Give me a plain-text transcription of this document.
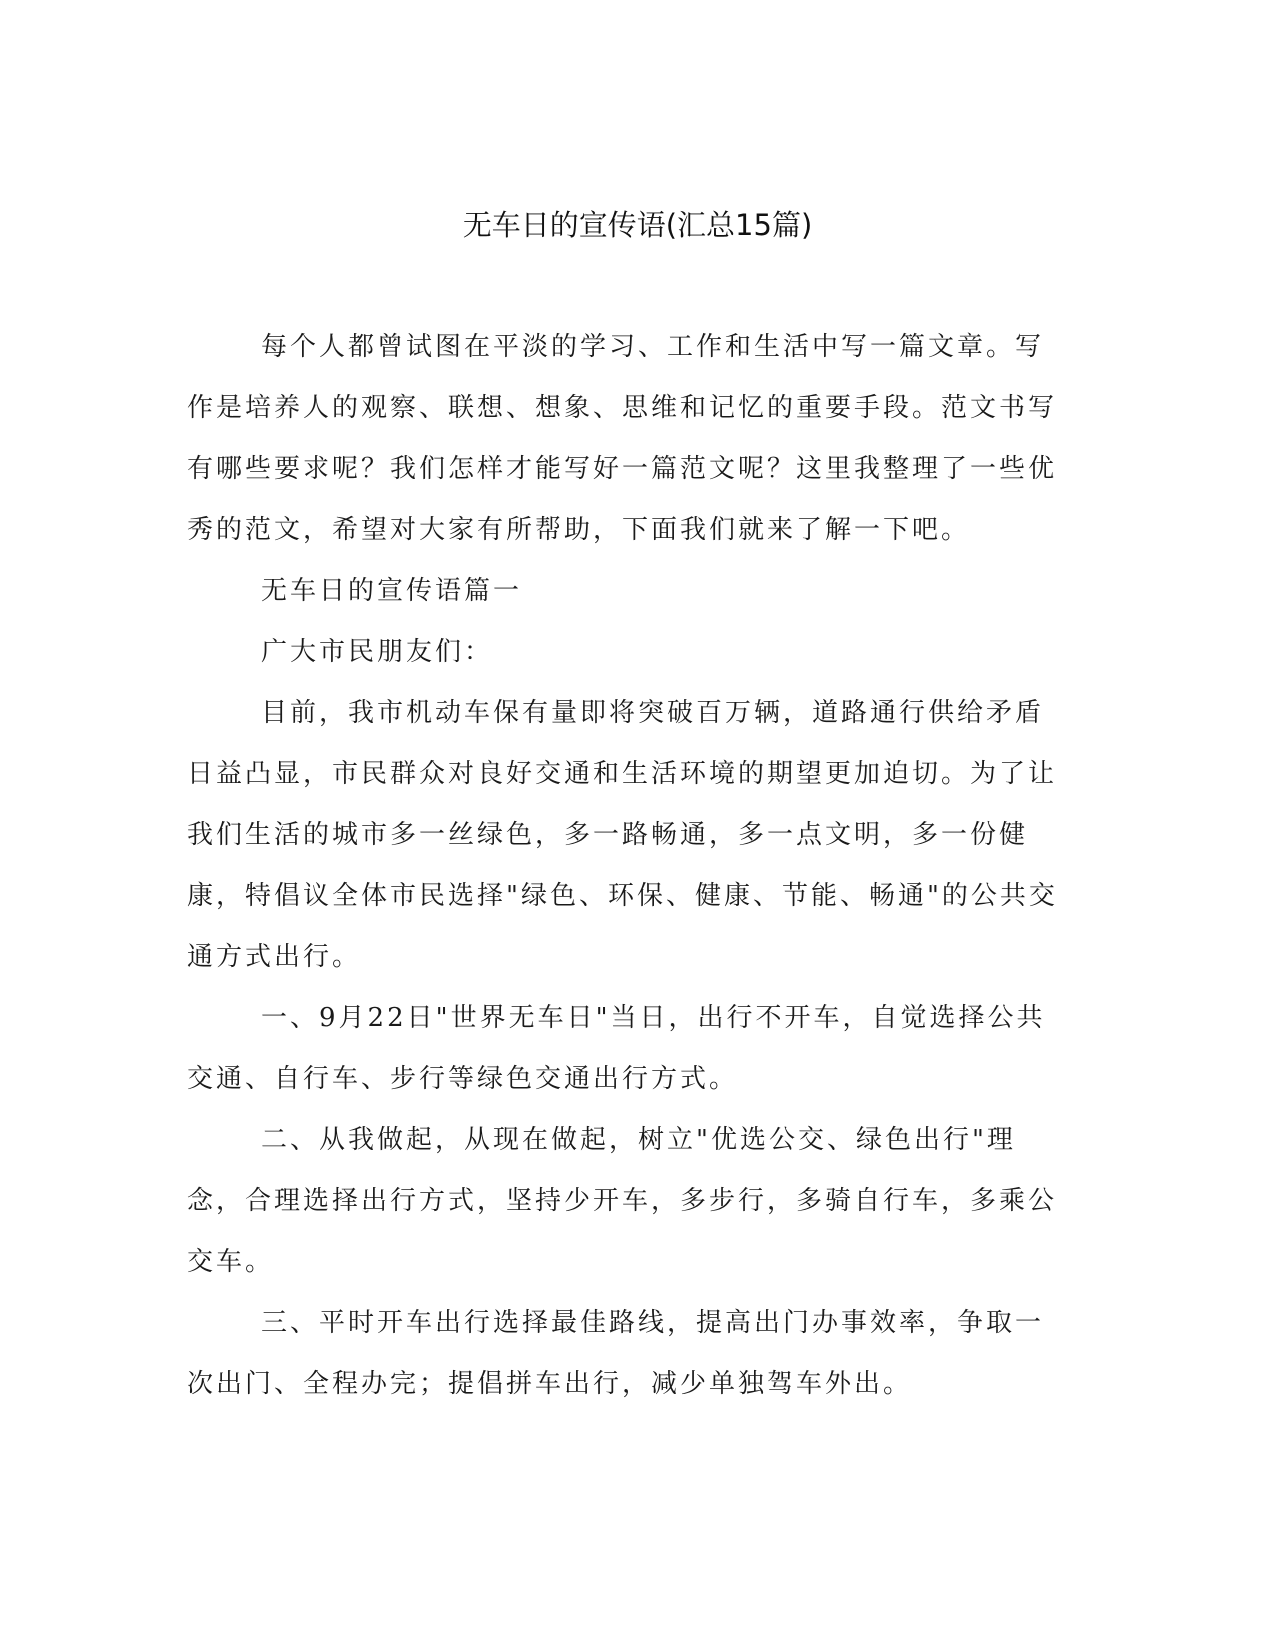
无车日的宣传语(汇总15篇)

每个人都曾试图在平淡的学习、工作和生活中写一篇文章。写作是培养人的观察、联想、想象、思维和记忆的重要手段。范文书写有哪些要求呢？我们怎样才能写好一篇范文呢？这里我整理了一些优秀的范文，希望对大家有所帮助，下面我们就来了解一下吧。

无车日的宣传语篇一

广大市民朋友们：

目前，我市机动车保有量即将突破百万辆，道路通行供给矛盾日益凸显，市民群众对良好交通和生活环境的期望更加迫切。为了让我们生活的城市多一丝绿色，多一路畅通，多一点文明，多一份健康，特倡议全体市民选择"绿色、环保、健康、节能、畅通"的公共交通方式出行。

一、9月22日"世界无车日"当日，出行不开车，自觉选择公共交通、自行车、步行等绿色交通出行方式。

二、从我做起，从现在做起，树立"优选公交、绿色出行"理念，合理选择出行方式，坚持少开车，多步行，多骑自行车，多乘公交车。

三、平时开车出行选择最佳路线，提高出门办事效率，争取一次出门、全程办完；提倡拼车出行，减少单独驾车外出。
